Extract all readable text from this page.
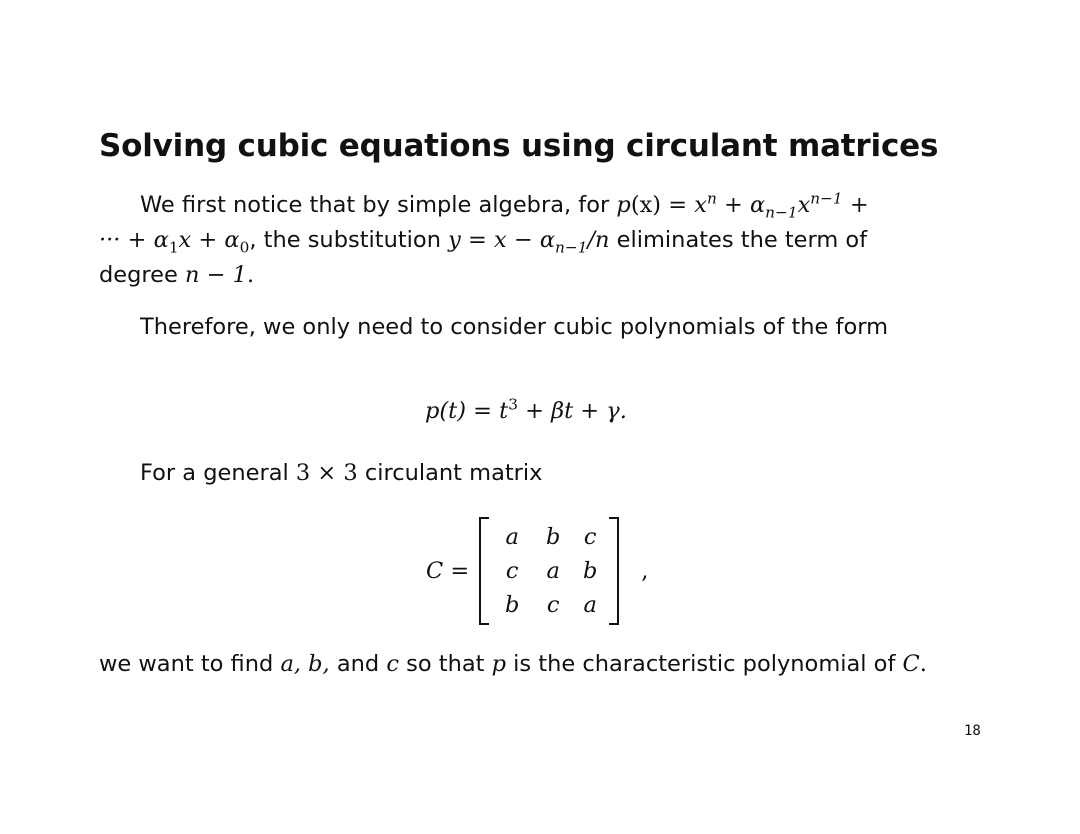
Solving cubic equations using circulant matrices
We first notice that by simple algebra, for $p(x) = x^n + \alpha_{n-1}x^{n-1}$ +
··· + $\alpha_1x + \alpha_0$, the substitution $y = x - \alpha_{n-1}/n$ eliminates the term of
degree n − 1.
Therefore, we only need to consider cubic polynomials of the form
$p(t) = t^3 + \beta t + \gamma$.
For a general 3 × 3 circulant matrix
C =
a b c
c a b
b c a
,
we want to find a, b, and c so that p is the characteristic polynomial of C.
18
